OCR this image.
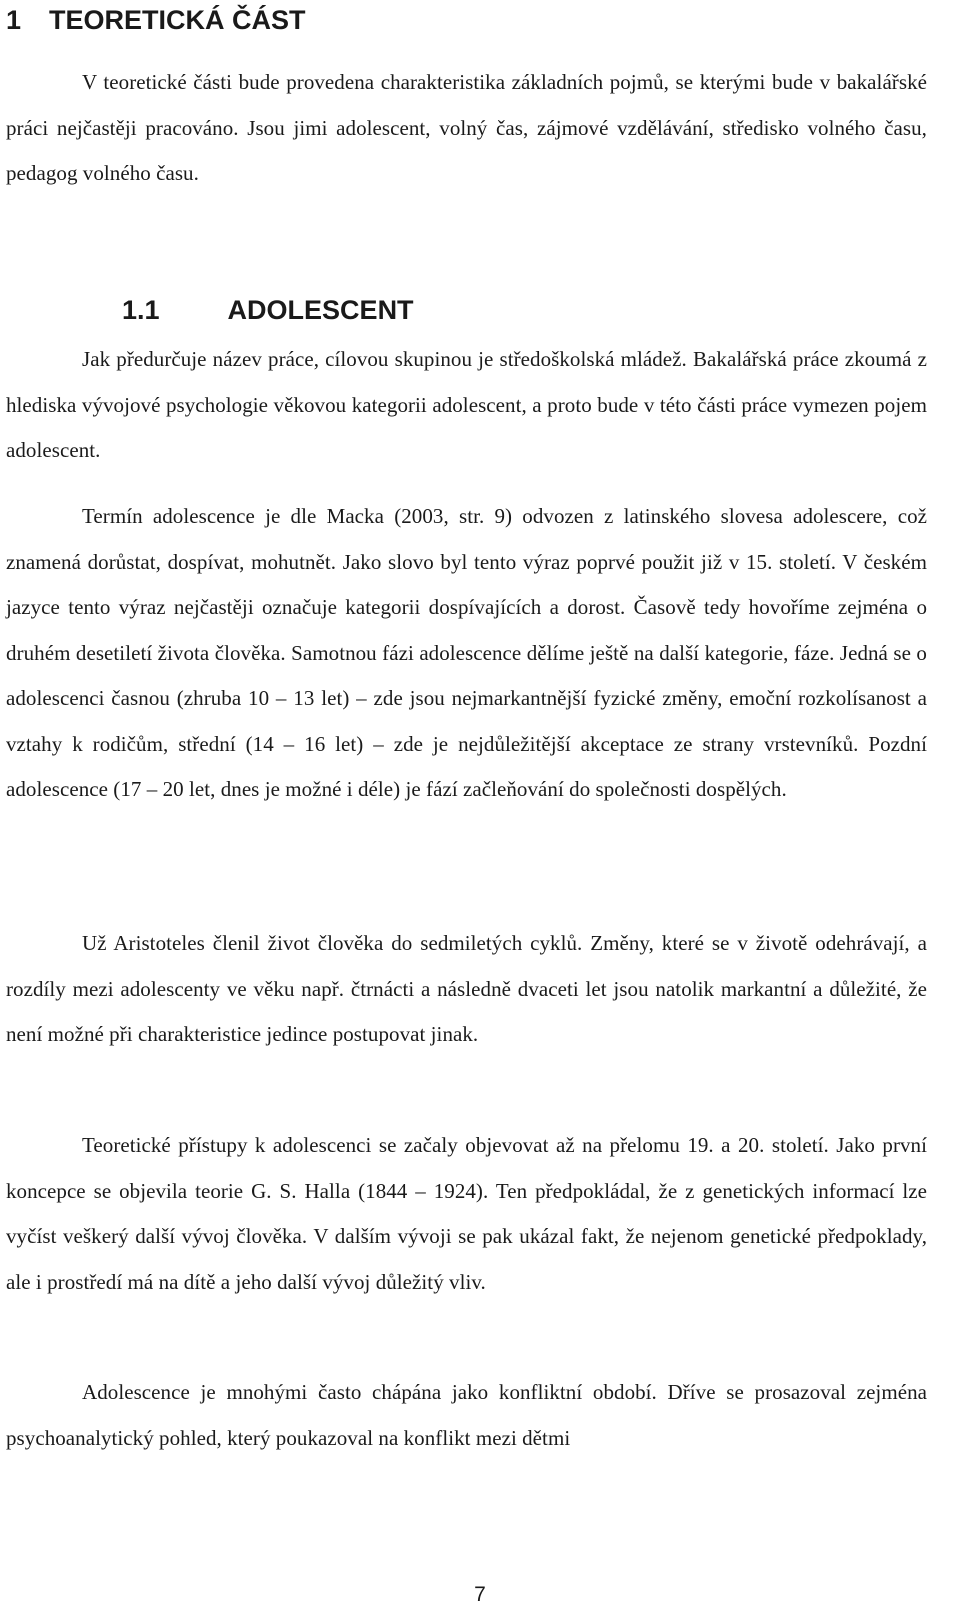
1 TEORETICKÁ ČÁST

V teoretické části bude provedena charakteristika základních pojmů, se kterými bude v bakalářské práci nejčastěji pracováno. Jsou jimi adolescent, volný čas, zájmové vzdělávání, středisko volného času, pedagog volného času.

1.1	ADOLESCENT

Jak předurčuje název práce, cílovou skupinou je středoškolská mládež. Bakalářská práce zkoumá z hlediska vývojové psychologie věkovou kategorii adolescent, a proto bude v této části práce vymezen pojem adolescent.

Termín adolescence je dle Macka (2003, str. 9) odvozen z latinského slovesa adolescere, což znamená dorůstat, dospívat, mohutnět. Jako slovo byl tento výraz poprvé použit již v 15. století. V českém jazyce tento výraz nejčastěji označuje kategorii dospívajících a dorost. Časově tedy hovoříme zejména o druhém desetiletí života člověka. Samotnou fázi adolescence dělíme ještě na další kategorie, fáze. Jedná se o adolescenci časnou (zhruba 10 – 13 let) – zde jsou nejmarkantnější fyzické změny, emoční rozkolísanost a vztahy k rodičům, střední (14 – 16 let) – zde je nejdůležitější akceptace ze strany vrstevníků. Pozdní adolescence (17 – 20 let, dnes je možné i déle) je fází začleňování do společnosti dospělých.

Už Aristoteles členil život člověka do sedmiletých cyklů. Změny, které se v životě odehrávají, a rozdíly mezi adolescenty ve věku např. čtrnácti a následně dvaceti let jsou natolik markantní a důležité, že není možné při charakteristice jedince postupovat jinak.

Teoretické přístupy k adolescenci se začaly objevovat až na přelomu 19. a 20. století. Jako první koncepce se objevila teorie G. S. Halla (1844 – 1924). Ten předpokládal, že z genetických informací lze vyčíst veškerý další vývoj člověka. V dalším vývoji se pak ukázal fakt, že nejenom genetické předpoklady, ale i prostředí má na dítě a jeho další vývoj důležitý vliv.

Adolescence je mnohými často chápána jako konfliktní období. Dříve se prosazoval zejména psychoanalytický pohled, který poukazoval na konflikt mezi dětmi

7
